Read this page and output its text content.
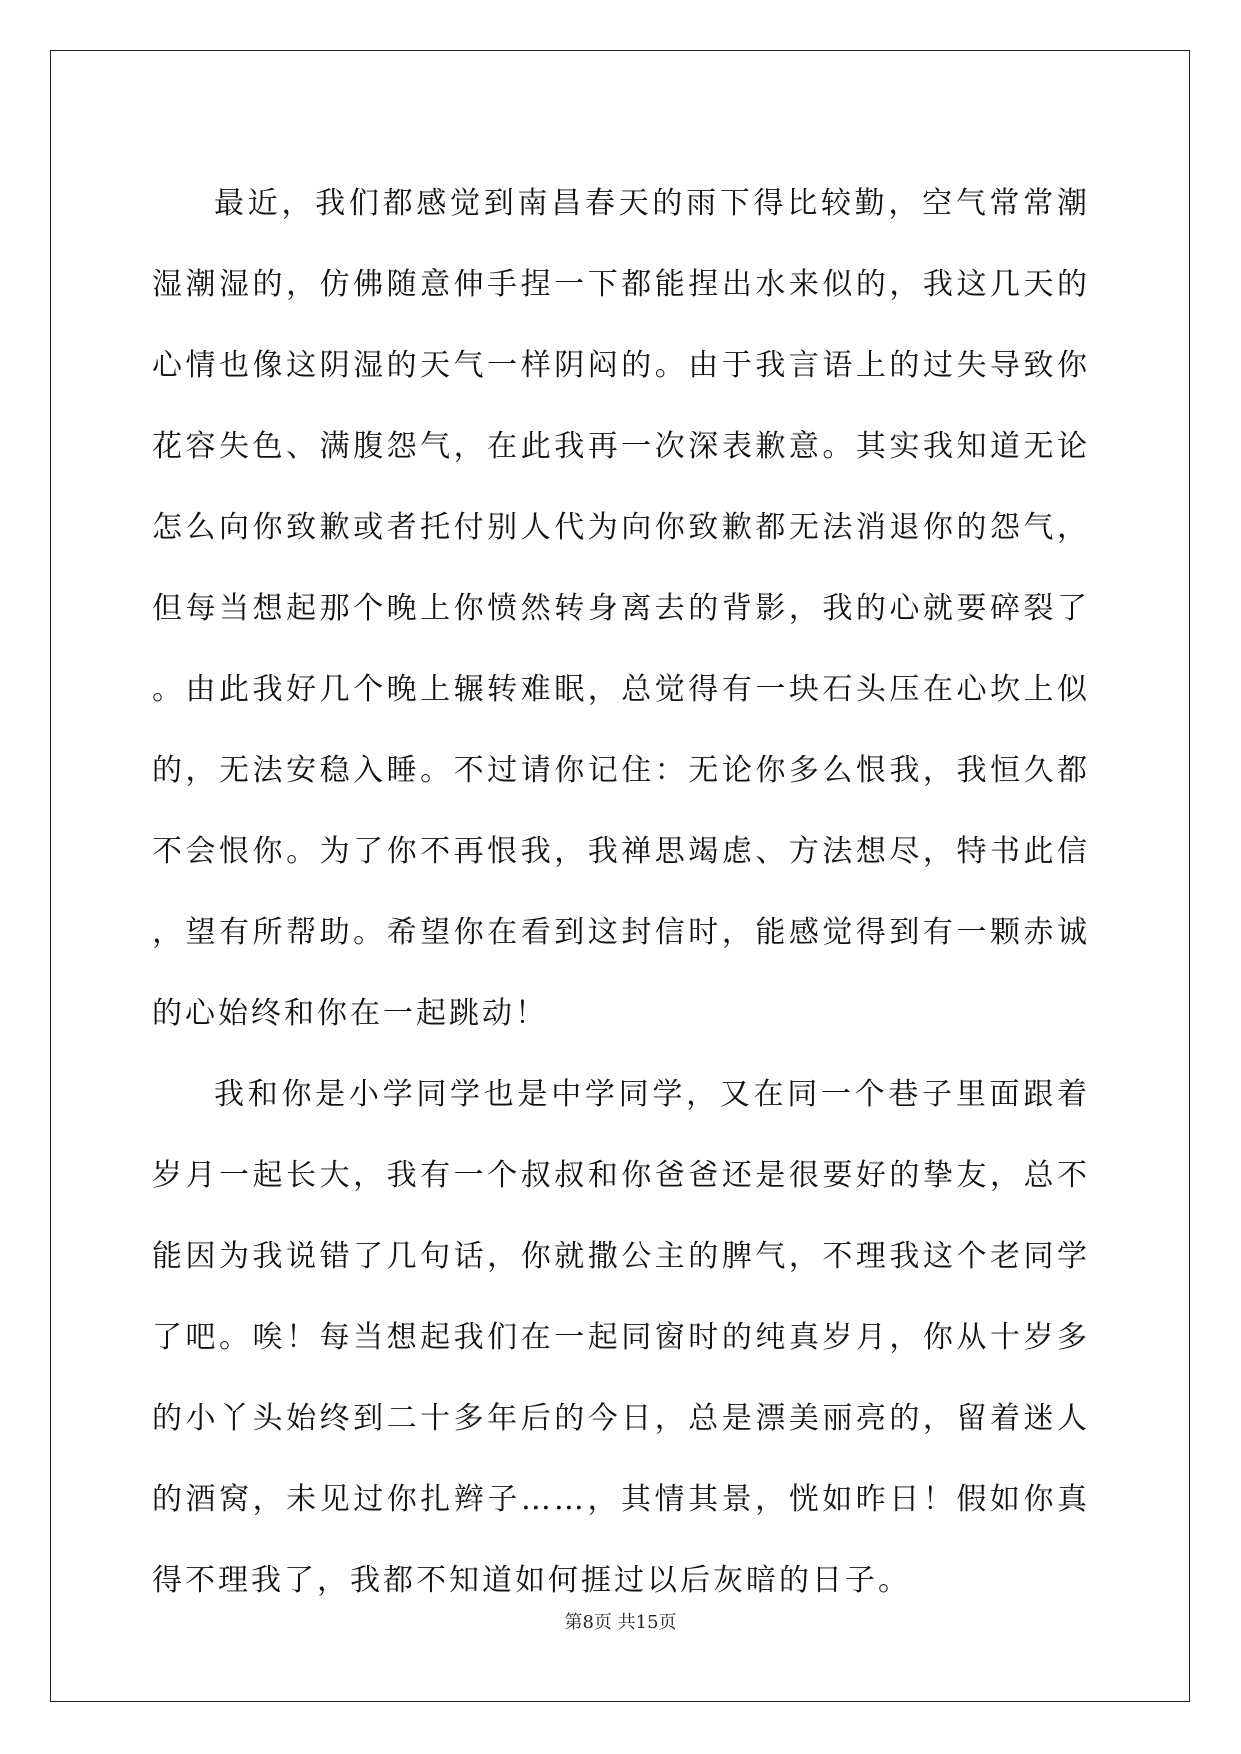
最近，我们都感觉到南昌春天的雨下得比较勤，空气常常潮湿潮湿的，仿佛随意伸手捏一下都能捏出水来似的，我这几天的心情也像这阴湿的天气一样阴闷的。由于我言语上的过失导致你花容失色、满腹怨气，在此我再一次深表歉意。其实我知道无论怎么向你致歉或者托付别人代为向你致歉都无法消退你的怨气，但每当想起那个晚上你愤然转身离去的背影，我的心就要碎裂了。由此我好几个晚上辗转难眠，总觉得有一块石头压在心坎上似的，无法安稳入睡。不过请你记住：无论你多么恨我，我恒久都不会恨你。为了你不再恨我，我禅思竭虑、方法想尽，特书此信，望有所帮助。希望你在看到这封信时，能感觉得到有一颗赤诚的心始终和你在一起跳动！

我和你是小学同学也是中学同学，又在同一个巷子里面跟着岁月一起长大，我有一个叔叔和你爸爸还是很要好的挚友，总不能因为我说错了几句话，你就撒公主的脾气，不理我这个老同学了吧。唉！每当想起我们在一起同窗时的纯真岁月，你从十岁多的小丫头始终到二十多年后的今日，总是漂美丽亮的，留着迷人的酒窝，未见过你扎辫子……，其情其景，恍如昨日！假如你真得不理我了，我都不知道如何捱过以后灰暗的日子。

第8页 共15页
